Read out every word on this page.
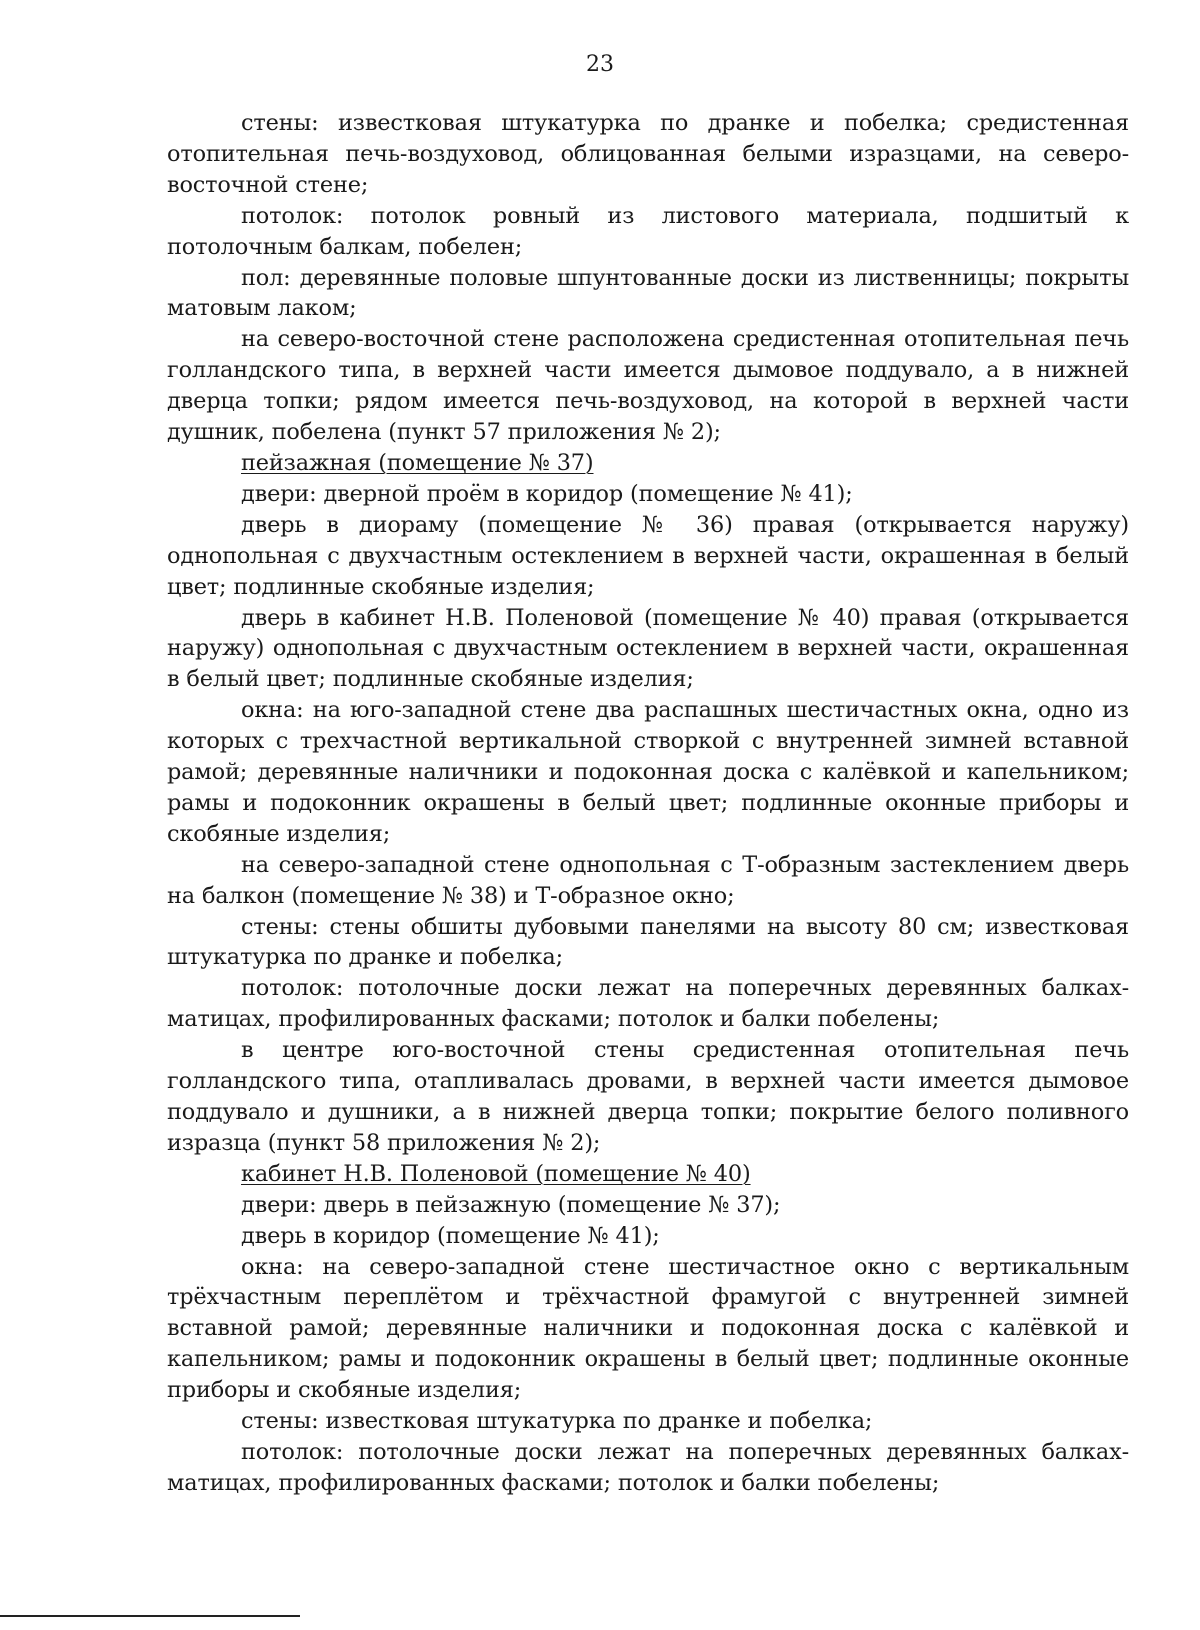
23

стены: известковая штукатурка по дранке и побелка; средистенная отопительная печь-воздуховод, облицованная белыми изразцами, на северо-восточной стене;

потолок: потолок ровный из листового материала, подшитый к потолочным балкам, побелен;

пол: деревянные половые шпунтованные доски из лиственницы; покрыты матовым лаком;

на северо-восточной стене расположена средистенная отопительная печь голландского типа, в верхней части имеется дымовое поддувало, а в нижней дверца топки; рядом имеется печь-воздуховод, на которой в верхней части душник, побелена (пункт 57 приложения № 2);

пейзажная (помещение № 37)

двери: дверной проём в коридор (помещение № 41);

дверь в диораму (помещение № 36) правая (открывается наружу) однопольная с двухчастным остеклением в верхней части, окрашенная в белый цвет; подлинные скобяные изделия;

дверь в кабинет Н.В. Поленовой (помещение № 40) правая (открывается наружу) однопольная с двухчастным остеклением в верхней части, окрашенная в белый цвет; подлинные скобяные изделия;

окна: на юго-западной стене два распашных шестичастных окна, одно из которых с трехчастной вертикальной створкой с внутренней зимней вставной рамой; деревянные наличники и подоконная доска с калёвкой и капельником; рамы и подоконник окрашены в белый цвет; подлинные оконные приборы и скобяные изделия;

на северо-западной стене однопольная с Т-образным застеклением дверь на балкон (помещение № 38) и Т-образное окно;

стены: стены обшиты дубовыми панелями на высоту 80 см; известковая штукатурка по дранке и побелка;

потолок: потолочные доски лежат на поперечных деревянных балках-матицах, профилированных фасками; потолок и балки побелены;

в центре юго-восточной стены средистенная отопительная печь голландского типа, отапливалась дровами, в верхней части имеется дымовое поддувало и душники, а в нижней дверца топки; покрытие белого поливного изразца (пункт 58 приложения № 2);

кабинет Н.В. Поленовой (помещение № 40)

двери: дверь в пейзажную (помещение № 37);

дверь в коридор (помещение № 41);

окна: на северо-западной стене шестичастное окно с вертикальным трёхчастным переплётом и трёхчастной фрамугой с внутренней зимней вставной рамой; деревянные наличники и подоконная доска с калёвкой и капельником; рамы и подоконник окрашены в белый цвет; подлинные оконные приборы и скобяные изделия;

стены: известковая штукатурка по дранке и побелка;

потолок: потолочные доски лежат на поперечных деревянных балках-матицах, профилированных фасками; потолок и балки побелены;
